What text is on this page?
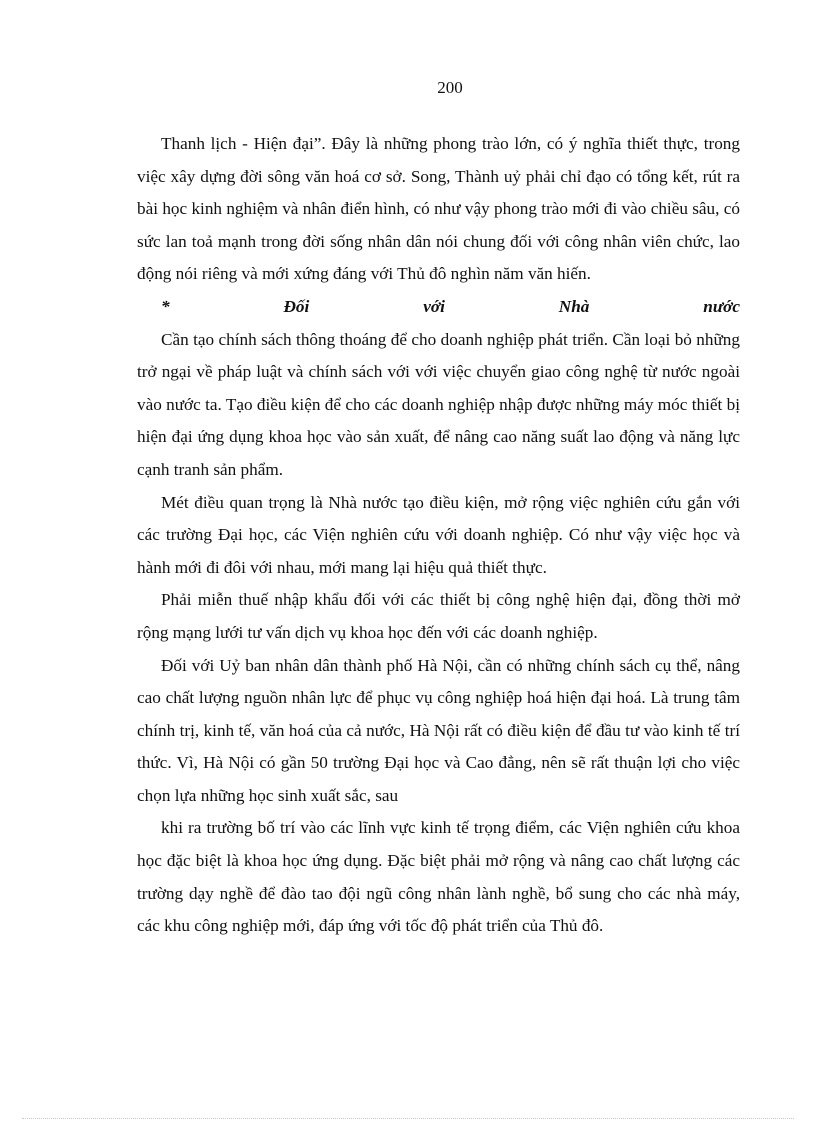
200

Thanh lịch - Hiện đại”. Đây là những phong trào lớn, có ý nghĩa thiết thực, trong việc xây dựng đời sông văn hoá cơ sở. Song, Thành uỷ phải chỉ đạo có tổng kết, rút ra bài học kinh nghiệm và nhân điển hình, có như vậy phong trào mới đi vào chiều sâu, có sức lan toả mạnh trong đời sống nhân dân nói chung đối với công nhân viên chức, lao động nói riêng và mới xứng đáng với Thủ đô nghìn năm văn hiến.

*	Đối	với	Nhà	nước

Cần tạo chính sách thông thoáng để cho doanh nghiệp phát triển. Cần loại bỏ những trở ngại về pháp luật và chính sách với với việc chuyển giao công nghệ từ nước ngoài vào nước ta. Tạo điều kiện để cho các doanh nghiệp nhập được những máy móc thiết bị hiện đại ứng dụng khoa học vào sản xuất, để nâng cao năng suất lao động và năng lực cạnh tranh sản phẩm.

Mét điều quan trọng là Nhà nước tạo điều kiện, mở rộng việc nghiên cứu gắn với các trường Đại học, các Viện nghiên cứu với doanh nghiệp. Có như vậy việc học và hành mới đi đôi với nhau, mới mang lại hiệu quả thiết thực.

Phải miễn thuế nhập khẩu đối với các thiết bị công nghệ hiện đại, đồng thời mở rộng mạng lưới tư vấn dịch vụ khoa học đến với các doanh nghiệp.

Đối với Uỷ ban nhân dân thành phố Hà Nội, cần có những chính sách cụ thể, nâng cao chất lượng nguồn nhân lực để phục vụ công nghiệp hoá hiện đại hoá. Là trung tâm chính trị, kinh tế, văn hoá của cả nước, Hà Nội rất có điều kiện để đầu tư vào kinh tế trí thức. Vì, Hà Nội có gần 50 trường Đại học và Cao đẳng, nên sẽ rất thuận lợi cho việc chọn lựa những học sinh xuất sắc, sau

khi ra trường bố trí vào các lĩnh vực kinh tế trọng điểm, các Viện nghiên cứu khoa học đặc biệt là khoa học ứng dụng. Đặc biệt phải mở rộng và nâng cao chất lượng các trường dạy nghề để đào tao đội ngũ công nhân lành nghề, bổ sung cho các nhà máy, các khu công nghiệp mới, đáp ứng với tốc độ phát triển của Thủ đô.
